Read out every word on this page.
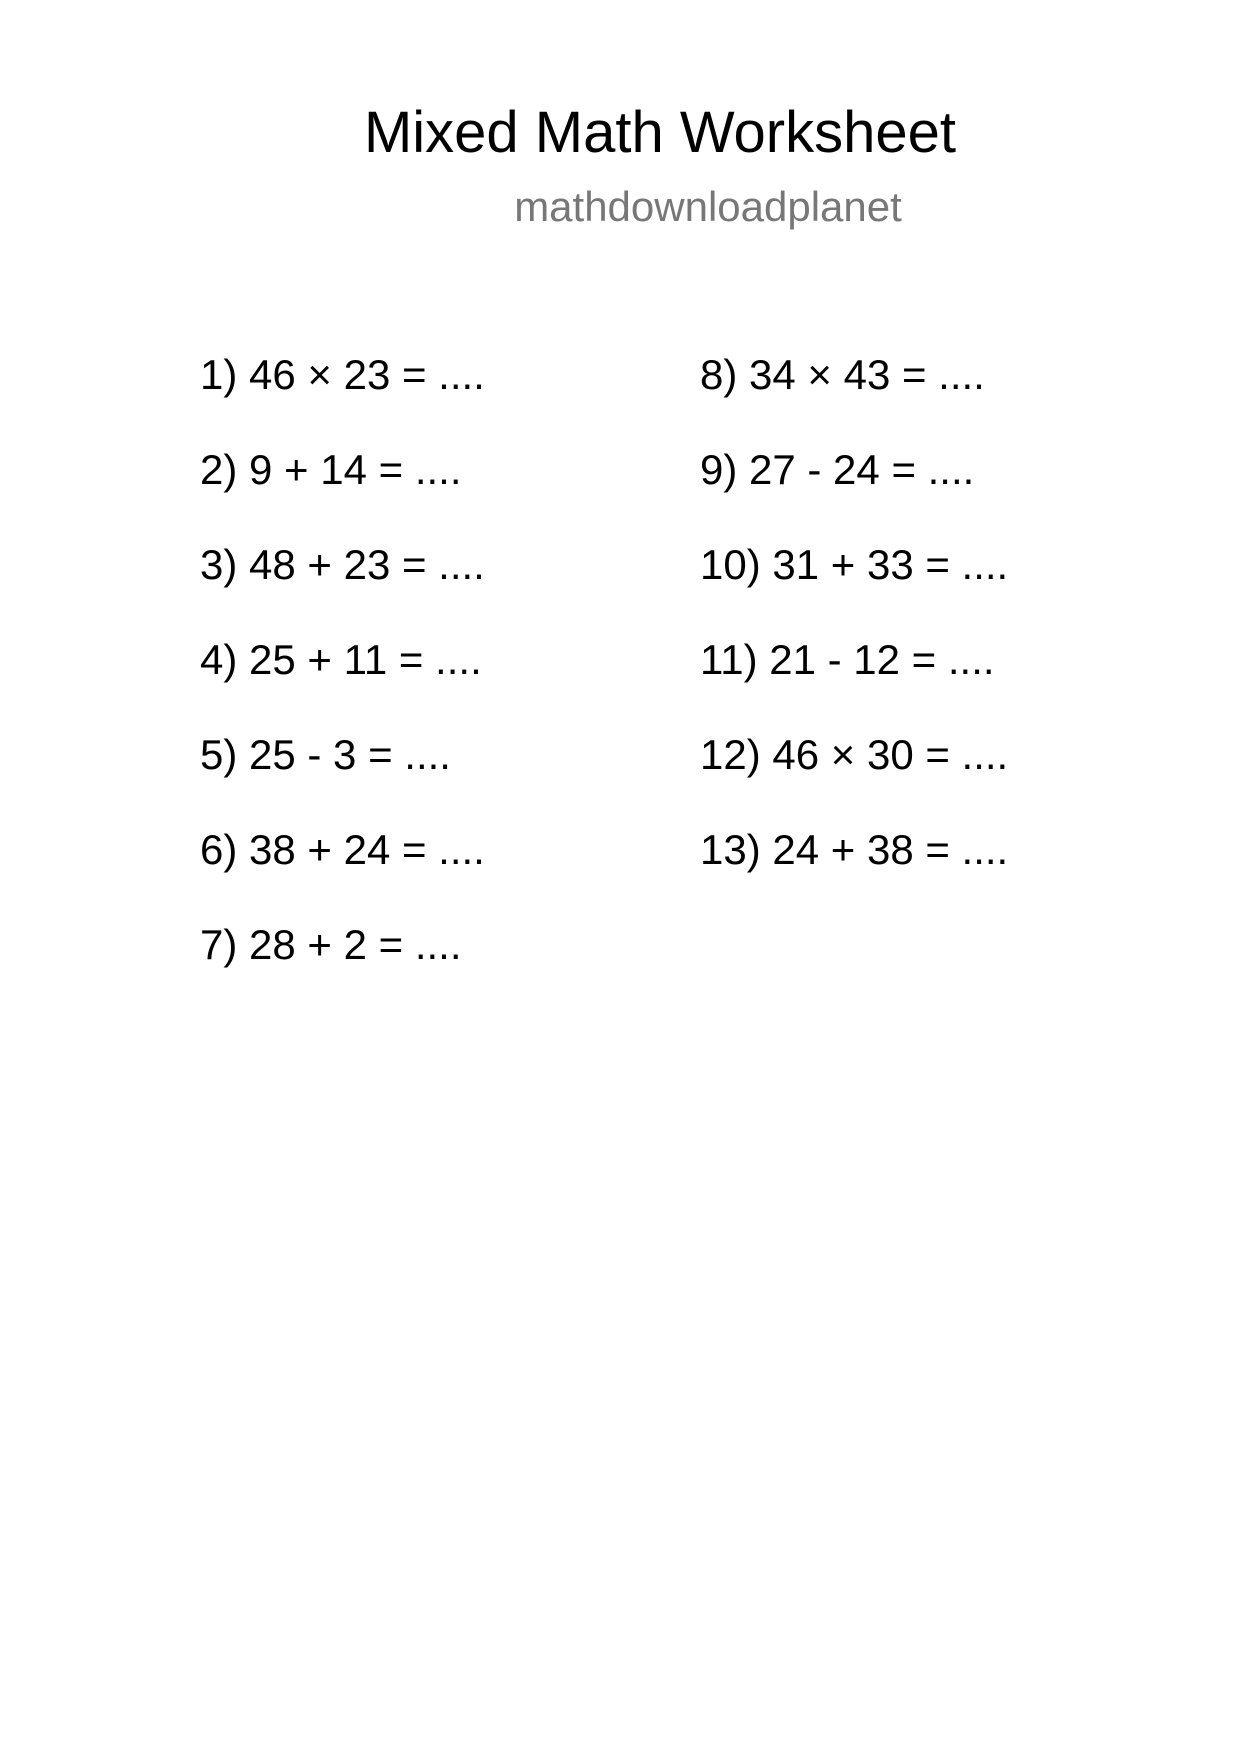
Mixed Math Worksheet
mathdownloadplanet
1) 46 × 23 = ....
2) 9 + 14 = ....
3) 48 + 23 = ....
4) 25 + 11 = ....
5) 25 - 3 = ....
6) 38 + 24 = ....
7) 28 + 2 = ....
8) 34 × 43 = ....
9) 27 - 24 = ....
10) 31 + 33 = ....
11) 21 - 12 = ....
12) 46 × 30 = ....
13) 24 + 38 = ....
